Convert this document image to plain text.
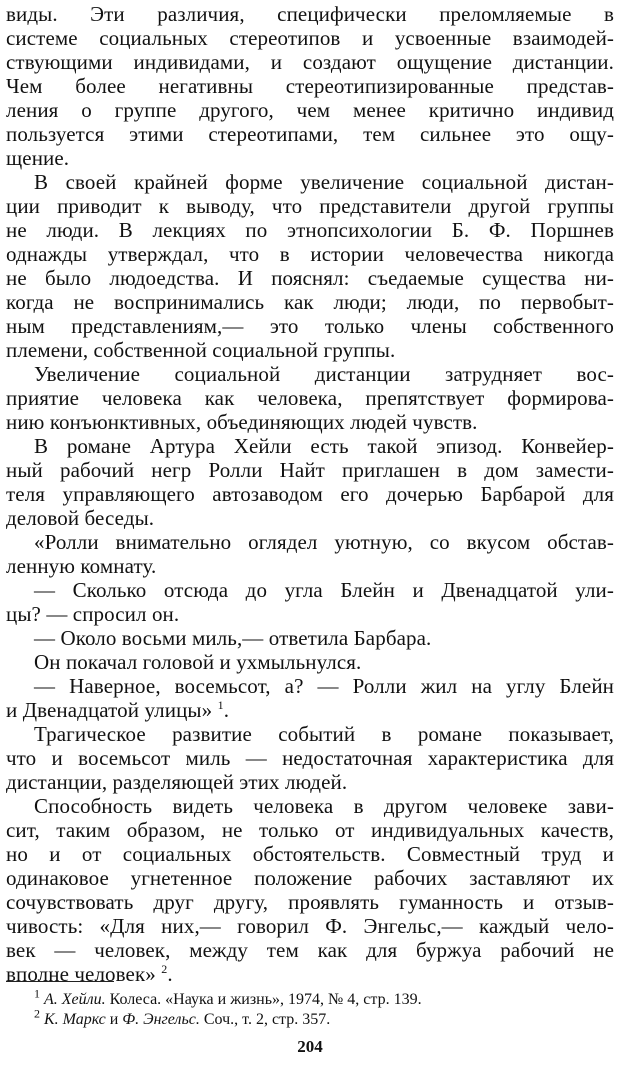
виды. Эти различия, специфически преломляемые в
системе социальных стереотипов и усвоенные взаимодей-
ствующими индивидами, и создают ощущение дистанции.
Чем более негативны стереотипизированные представ-
ления о группе другого, чем менее критично индивид
пользуется этими стереотипами, тем сильнее это ощу-
щение.
В своей крайней форме увеличение социальной дистан-
ции приводит к выводу, что представители другой группы
не люди. В лекциях по этнопсихологии Б. Ф. Поршнев
однажды утверждал, что в истории человечества никогда
не было людоедства. И пояснял: съедаемые существа ни-
когда не воспринимались как люди; люди, по первобыт-
ным представлениям,— это только члены собственного
племени, собственной социальной группы.
Увеличение социальной дистанции затрудняет вос-
приятие человека как человека, препятствует формирова-
нию конъюнктивных, объединяющих людей чувств.
В романе Артура Хейли есть такой эпизод. Конвейер-
ный рабочий негр Ролли Найт приглашен в дом замести-
теля управляющего автозаводом его дочерью Барбарой для
деловой беседы.
«Ролли внимательно оглядел уютную, со вкусом обстав-
ленную комнату.
— Сколько отсюда до угла Блейн и Двенадцатой ули-
цы? — спросил он.
— Около восьми миль,— ответила Барбара.
Он покачал головой и ухмыльнулся.
— Наверное, восемьсот, а? — Ролли жил на углу Блейн
и Двенадцатой улицы» $^1$.
Трагическое развитие событий в романе показывает,
что и восемьсот миль — недостаточная характеристика для
дистанции, разделяющей этих людей.
Способность видеть человека в другом человеке зави-
сит, таким образом, не только от индивидуальных качеств,
но и от социальных обстоятельств. Совместный труд и
одинаковое угнетенное положение рабочих заставляют их
сочувствовать друг другу, проявлять гуманность и отзыв-
чивость: «Для них,— говорил Ф. Энгельс,— каждый чело-
век — человек, между тем как для буржуа рабочий не
вполне человек» $^2$.
$^1$ А. Хейли. Колеса. «Наука и жизнь», 1974, № 4, стр. 139.
$^2$ К. Маркс и Ф. Энгельс. Соч., т. 2, стр. 357.
204
